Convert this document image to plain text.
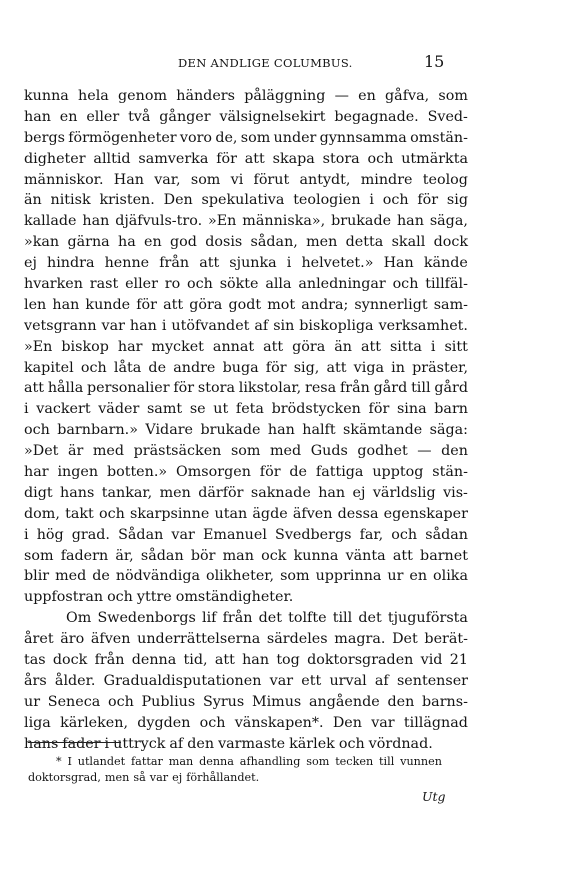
DEN ANDLIGE COLUMBUS.	15
kunna hela genom händers påläggning — en gåfva, som
han en eller två gånger välsignelsekirt begagnade. Sved-
bergs förmögenheter voro de, som under gynnsamma omstän-
digheter alltid samverka för att skapa stora och utmärkta
människor. Han var, som vi förut antydt, mindre teolog
än nitisk kristen. Den spekulativa teologien i och för sig
kallade han djäfvuls-tro. »En människa», brukade han säga,
»kan gärna ha en god dosis sådan, men detta skall dock
ej hindra henne från att sjunka i helvetet.» Han kände
hvarken rast eller ro och sökte alla anledningar och tillfäl-
len han kunde för att göra godt mot andra; synnerligt sam-
vetsgrann var han i utöfvandet af sin biskopliga verksamhet.
»En biskop har mycket annat att göra än att sitta i sitt
kapitel och låta de andre buga för sig, att viga in präster,
att hålla personalier för stora likstolar, resa från gård till gård
i vackert väder samt se ut feta brödstycken för sina barn
och barnbarn.» Vidare brukade han halft skämtande säga:
»Det är med prästsäcken som med Guds godhet — den
har ingen botten.» Omsorgen för de fattiga upptog stän-
digt hans tankar, men därför saknade han ej världslig vis-
dom, takt och skarpsinne utan ägde äfven dessa egenskaper
i hög grad. Sådan var Emanuel Svedbergs far, och sådan
som fadern är, sådan bör man ock kunna vänta att barnet
blir med de nödvändiga olikheter, som upprinna ur en olika
uppfostran och yttre omständigheter.
Om Swedenborgs lif från det tolfte till det tjuguförsta
året äro äfven underrättelserna särdeles magra. Det berät-
tas dock från denna tid, att han tog doktorsgraden vid 21
års ålder. Gradualdisputationen var ett urval af sentenser
ur Seneca och Publius Syrus Mimus angående den barns-
liga kärleken, dygden och vänskapen*. Den var tillägnad
hans fader i uttryck af den varmaste kärlek och vördnad.
* I utlandet fattar man denna afhandling som tecken till vunnen
doktorsgrad, men så var ej förhållandet.
Utg
